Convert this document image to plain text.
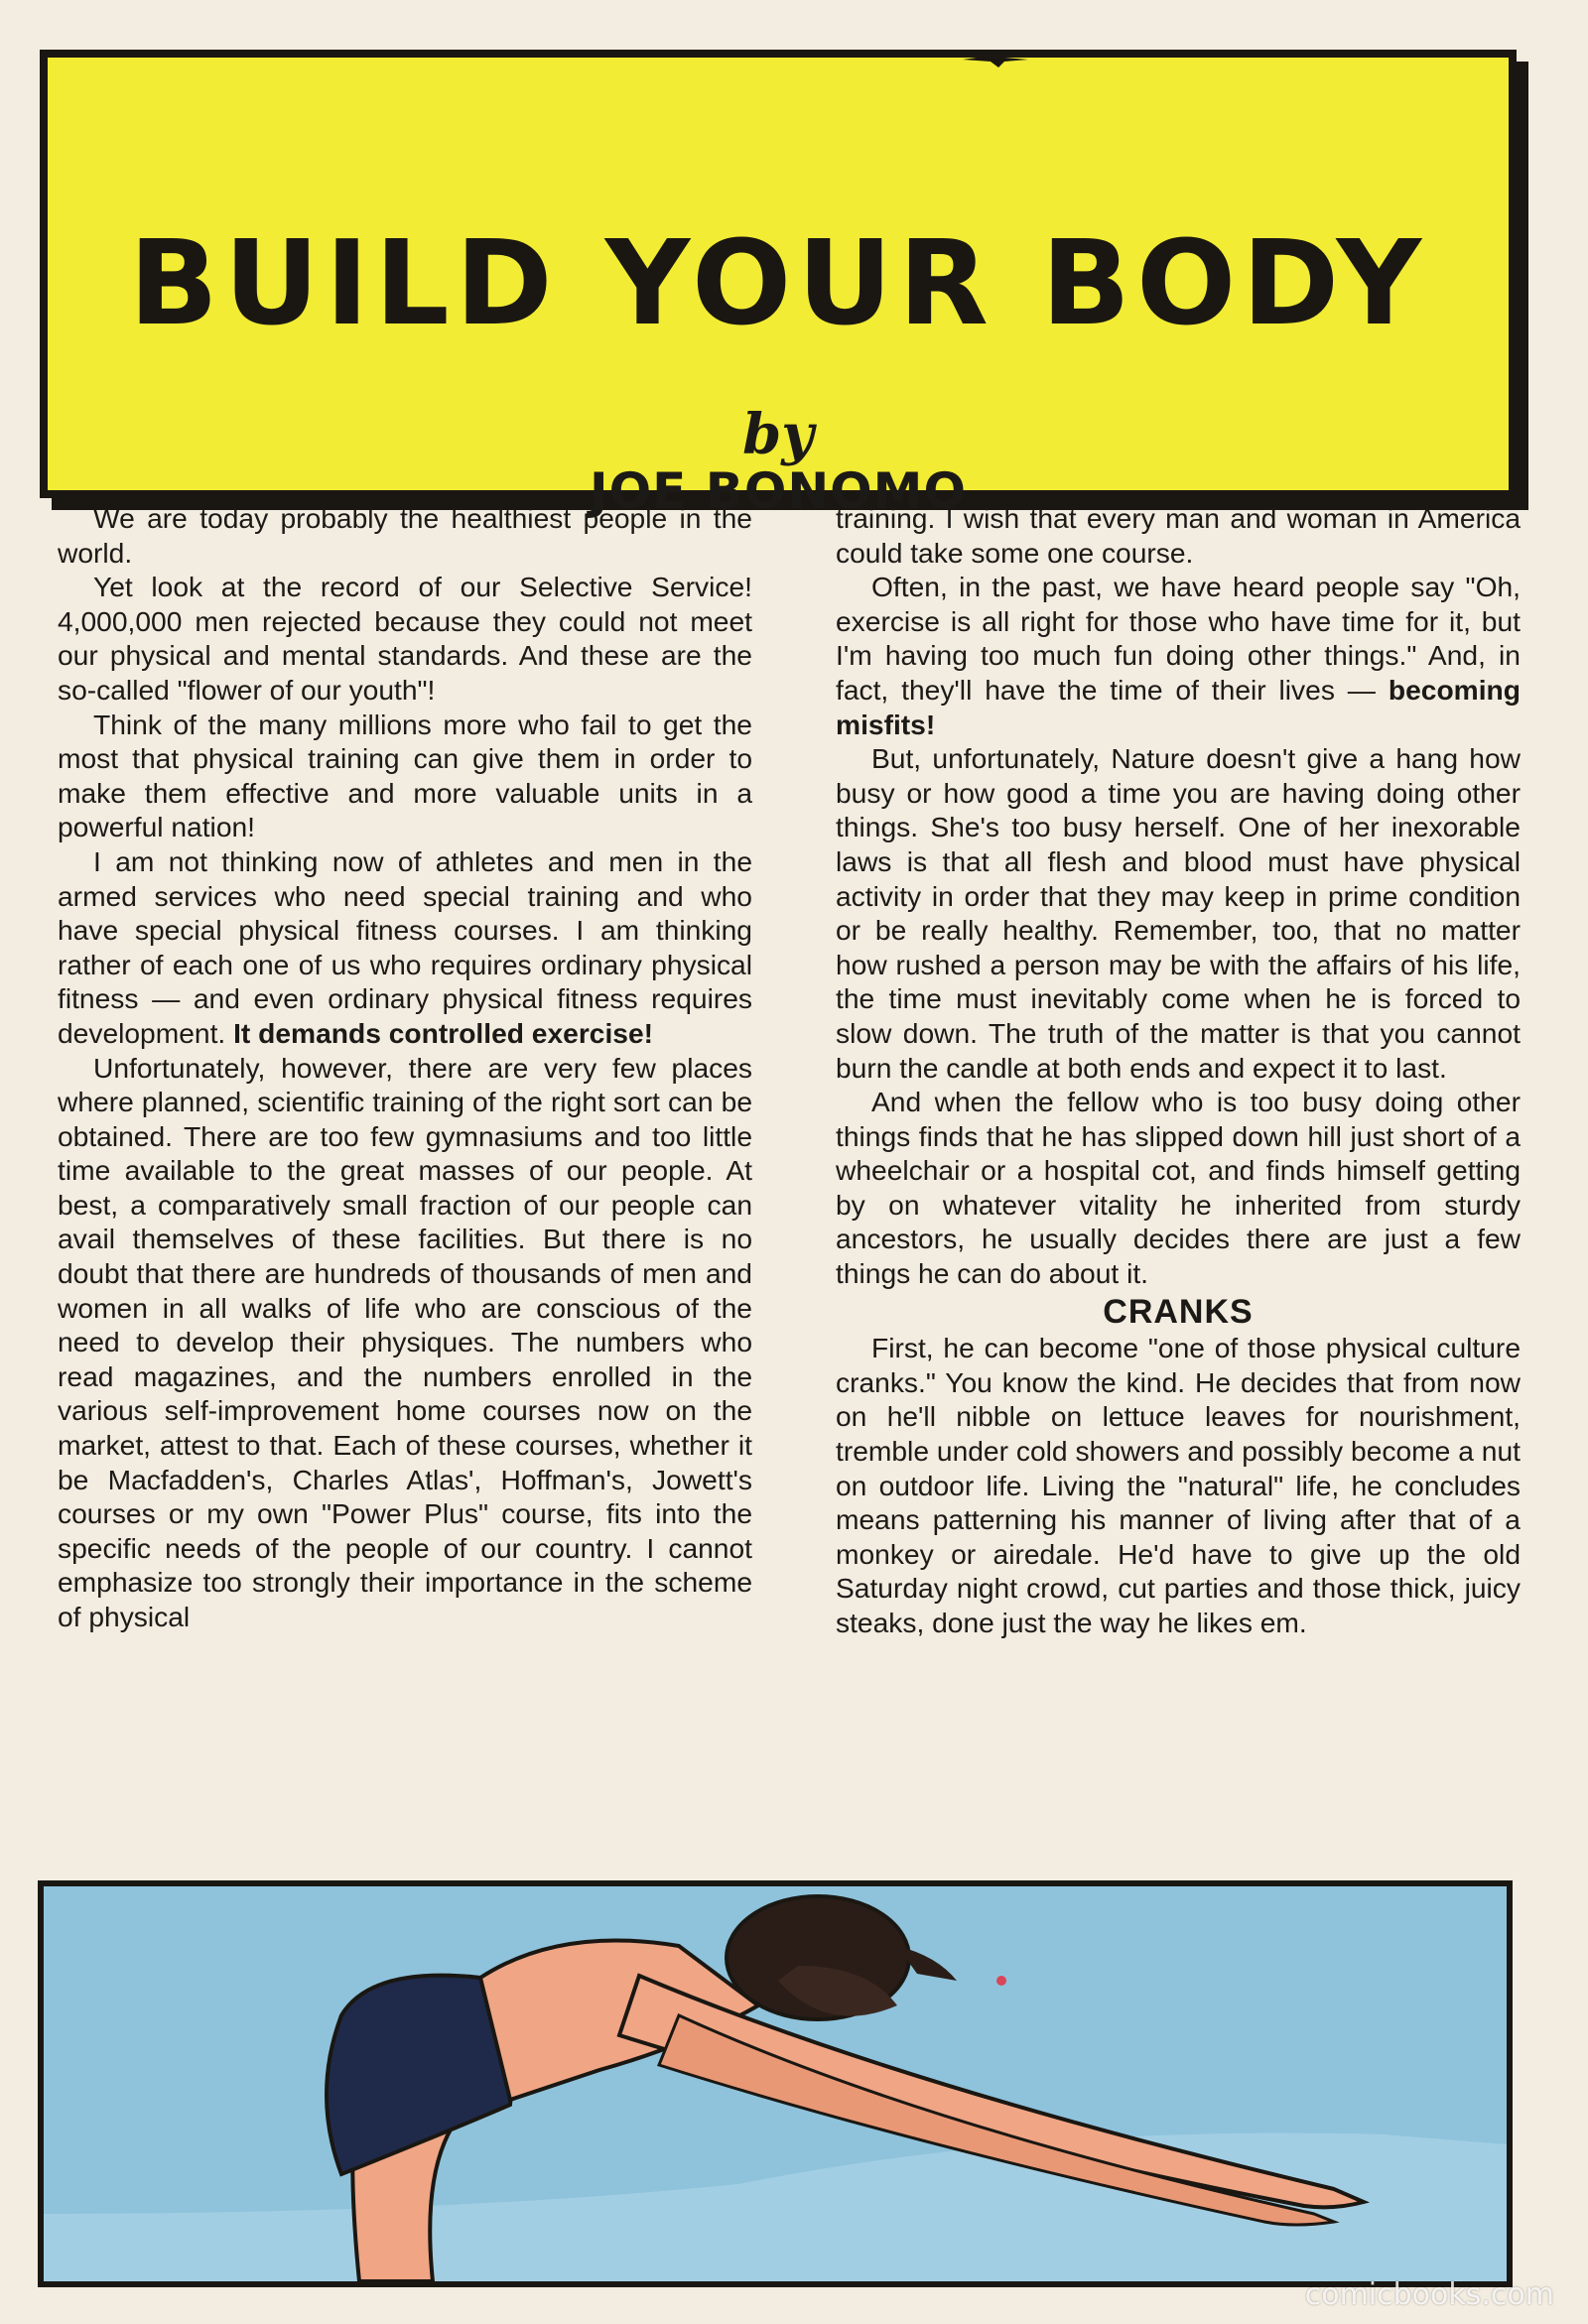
BUILD YOUR BODY
by
JOE BONOMO

We are today probably the healthiest people in the world.

Yet look at the record of our Selective Service! 4,000,000 men rejected because they could not meet our physical and mental standards. And these are the so-called "flower of our youth"!

Think of the many millions more who fail to get the most that physical training can give them in order to make them effective and more valuable units in a powerful nation!

I am not thinking now of athletes and men in the armed services who need special training and who have special physical fitness courses. I am thinking rather of each one of us who requires ordinary physical fitness — and even ordinary physical fitness requires development. It demands controlled exercise!

Unfortunately, however, there are very few places where planned, scientific training of the right sort can be obtained. There are too few gymnasiums and too little time available to the great masses of our people. At best, a comparatively small fraction of our people can avail themselves of these facilities. But there is no doubt that there are hundreds of thousands of men and women in all walks of life who are conscious of the need to develop their physiques. The numbers who read magazines, and the numbers enrolled in the various self-improvement home courses now on the market, attest to that. Each of these courses, whether it be Macfadden's, Charles Atlas', Hoffman's, Jowett's courses or my own "Power Plus" course, fits into the specific needs of the people of our country. I cannot emphasize too strongly their importance in the scheme of physical

training. I wish that every man and woman in America could take some one course.

Often, in the past, we have heard people say "Oh, exercise is all right for those who have time for it, but I'm having too much fun doing other things." And, in fact, they'll have the time of their lives — becoming misfits!

But, unfortunately, Nature doesn't give a hang how busy or how good a time you are having doing other things. She's too busy herself. One of her inexorable laws is that all flesh and blood must have physical activity in order that they may keep in prime condition or be really healthy. Remember, too, that no matter how rushed a person may be with the affairs of his life, the time must inevitably come when he is forced to slow down. The truth of the matter is that you cannot burn the candle at both ends and expect it to last.

And when the fellow who is too busy doing other things finds that he has slipped down hill just short of a wheelchair or a hospital cot, and finds himself getting by on whatever vitality he inherited from sturdy ancestors, he usually decides there are just a few things he can do about it.

CRANKS

First, he can become "one of those physical culture cranks." You know the kind. He decides that from now on he'll nibble on lettuce leaves for nourishment, tremble under cold showers and possibly become a nut on outdoor life. Living the "natural" life, he concludes means patterning his manner of living after that of a monkey or airedale. He'd have to give up the old Saturday night crowd, cut parties and those thick, juicy steaks, done just the way he likes em.

comicbooks.com
